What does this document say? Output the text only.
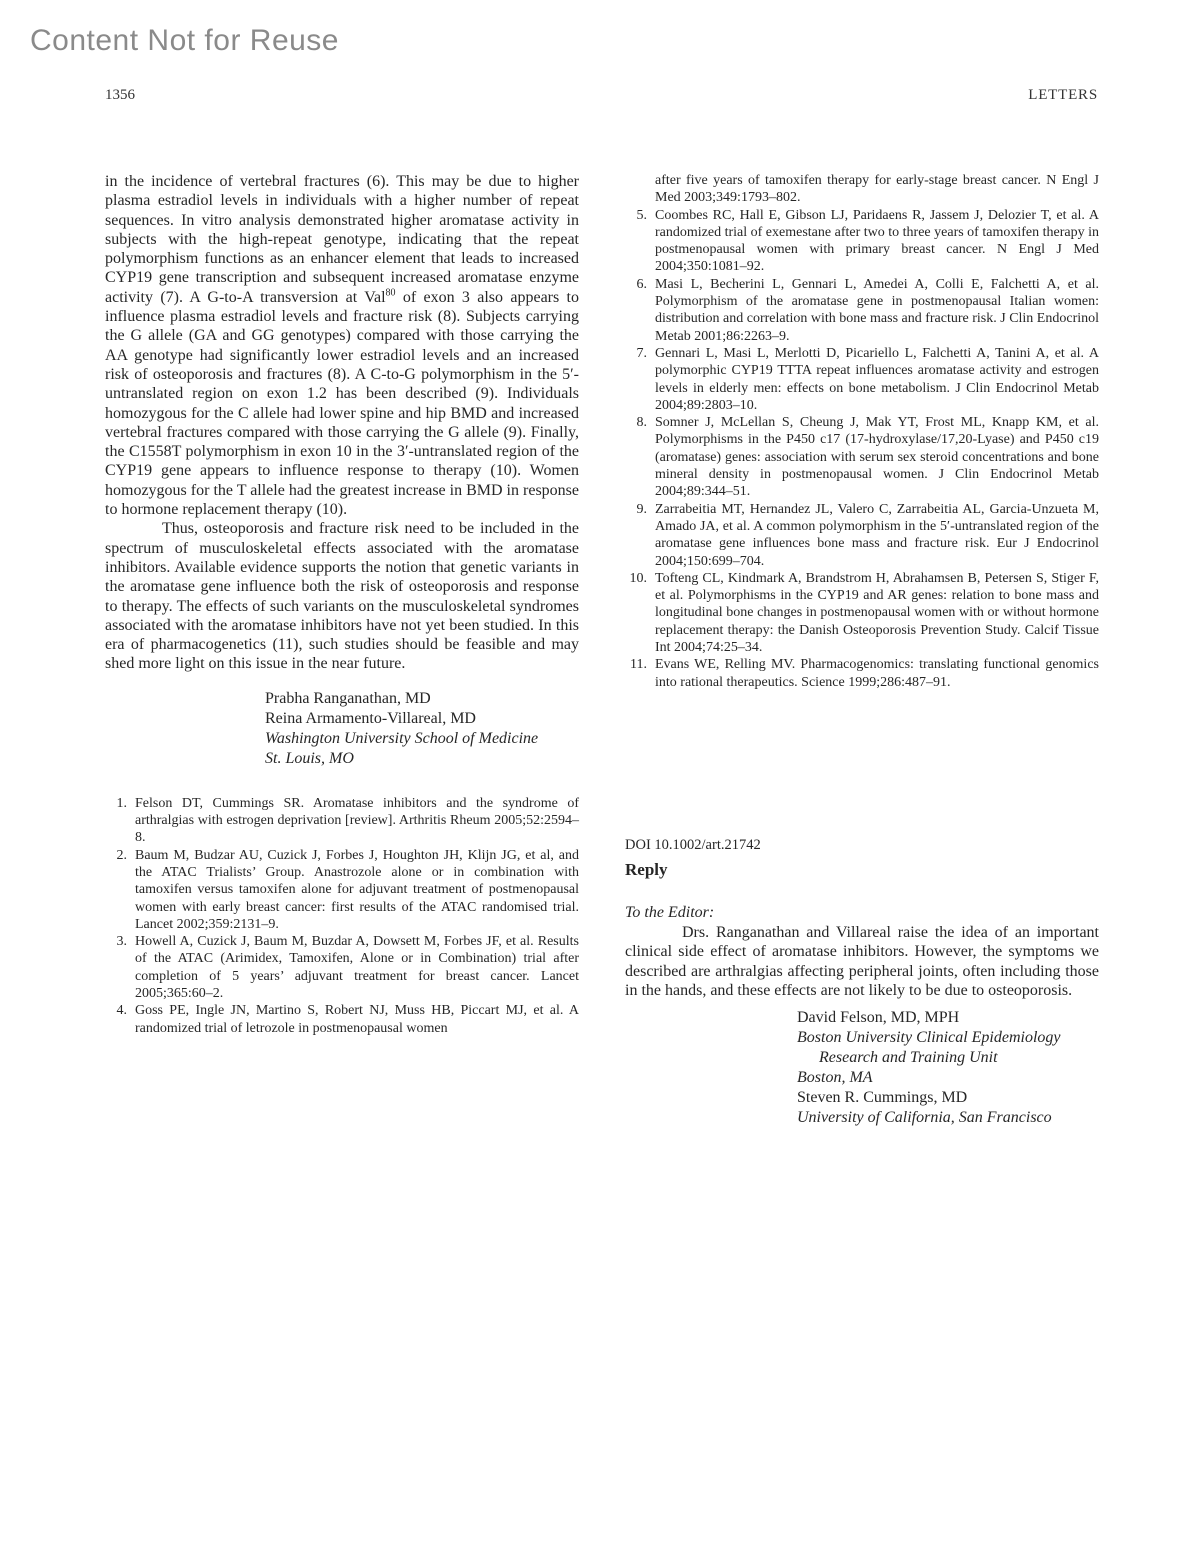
Content Not for Reuse
1356	LETTERS

in the incidence of vertebral fractures (6). This may be due to higher plasma estradiol levels in individuals with a higher number of repeat sequences. In vitro analysis demonstrated higher aromatase activity in subjects with the high-repeat genotype, indicating that the repeat polymorphism functions as an enhancer element that leads to increased CYP19 gene transcription and subsequent increased aromatase enzyme activity (7). A G-to-A transversion at Val$^{80}$ of exon 3 also appears to influence plasma estradiol levels and fracture risk (8). Subjects carrying the G allele (GA and GG genotypes) compared with those carrying the AA genotype had significantly lower estradiol levels and an increased risk of osteoporosis and fractures (8). A C-to-G polymorphism in the 5′-untranslated region on exon 1.2 has been described (9). Individuals homozygous for the C allele had lower spine and hip BMD and increased vertebral fractures compared with those carrying the G allele (9). Finally, the C1558T polymorphism in exon 10 in the 3′-untranslated region of the CYP19 gene appears to influence response to therapy (10). Women homozygous for the T allele had the greatest increase in BMD in response to hormone replacement therapy (10).

Thus, osteoporosis and fracture risk need to be included in the spectrum of musculoskeletal effects associated with the aromatase inhibitors. Available evidence supports the notion that genetic variants in the aromatase gene influence both the risk of osteoporosis and response to therapy. The effects of such variants on the musculoskeletal syndromes associated with the aromatase inhibitors have not yet been studied. In this era of pharmacogenetics (11), such studies should be feasible and may shed more light on this issue in the near future.

Prabha Ranganathan, MD
Reina Armamento-Villareal, MD
Washington University School of Medicine
St. Louis, MO
1. Felson DT, Cummings SR. Aromatase inhibitors and the syndrome of arthralgias with estrogen deprivation [review]. Arthritis Rheum 2005;52:2594–8.
2. Baum M, Budzar AU, Cuzick J, Forbes J, Houghton JH, Klijn JG, et al, and the ATAC Trialists’ Group. Anastrozole alone or in combination with tamoxifen versus tamoxifen alone for adjuvant treatment of postmenopausal women with early breast cancer: first results of the ATAC randomised trial. Lancet 2002;359:2131–9.
3. Howell A, Cuzick J, Baum M, Buzdar A, Dowsett M, Forbes JF, et al. Results of the ATAC (Arimidex, Tamoxifen, Alone or in Combination) trial after completion of 5 years’ adjuvant treatment for breast cancer. Lancet 2005;365:60–2.
4. Goss PE, Ingle JN, Martino S, Robert NJ, Muss HB, Piccart MJ, et al. A randomized trial of letrozole in postmenopausal women
after five years of tamoxifen therapy for early-stage breast cancer. N Engl J Med 2003;349:1793–802.
5. Coombes RC, Hall E, Gibson LJ, Paridaens R, Jassem J, Delozier T, et al. A randomized trial of exemestane after two to three years of tamoxifen therapy in postmenopausal women with primary breast cancer. N Engl J Med 2004;350:1081–92.
6. Masi L, Becherini L, Gennari L, Amedei A, Colli E, Falchetti A, et al. Polymorphism of the aromatase gene in postmenopausal Italian women: distribution and correlation with bone mass and fracture risk. J Clin Endocrinol Metab 2001;86:2263–9.
7. Gennari L, Masi L, Merlotti D, Picariello L, Falchetti A, Tanini A, et al. A polymorphic CYP19 TTTA repeat influences aromatase activity and estrogen levels in elderly men: effects on bone metabolism. J Clin Endocrinol Metab 2004;89:2803–10.
8. Somner J, McLellan S, Cheung J, Mak YT, Frost ML, Knapp KM, et al. Polymorphisms in the P450 c17 (17-hydroxylase/17,20-Lyase) and P450 c19 (aromatase) genes: association with serum sex steroid concentrations and bone mineral density in postmenopausal women. J Clin Endocrinol Metab 2004;89:344–51.
9. Zarrabeitia MT, Hernandez JL, Valero C, Zarrabeitia AL, Garcia-Unzueta M, Amado JA, et al. A common polymorphism in the 5′-untranslated region of the aromatase gene influences bone mass and fracture risk. Eur J Endocrinol 2004;150:699–704.
10. Tofteng CL, Kindmark A, Brandstrom H, Abrahamsen B, Petersen S, Stiger F, et al. Polymorphisms in the CYP19 and AR genes: relation to bone mass and longitudinal bone changes in postmenopausal women with or without hormone replacement therapy: the Danish Osteoporosis Prevention Study. Calcif Tissue Int 2004;74:25–34.
11. Evans WE, Relling MV. Pharmacogenomics: translating functional genomics into rational therapeutics. Science 1999;286:487–91.
DOI 10.1002/art.21742
Reply
To the Editor:

Drs. Ranganathan and Villareal raise the idea of an important clinical side effect of aromatase inhibitors. However, the symptoms we described are arthralgias affecting peripheral joints, often including those in the hands, and these effects are not likely to be due to osteoporosis.

David Felson, MD, MPH
Boston University Clinical Epidemiology
Research and Training Unit
Boston, MA
Steven R. Cummings, MD
University of California, San Francisco
